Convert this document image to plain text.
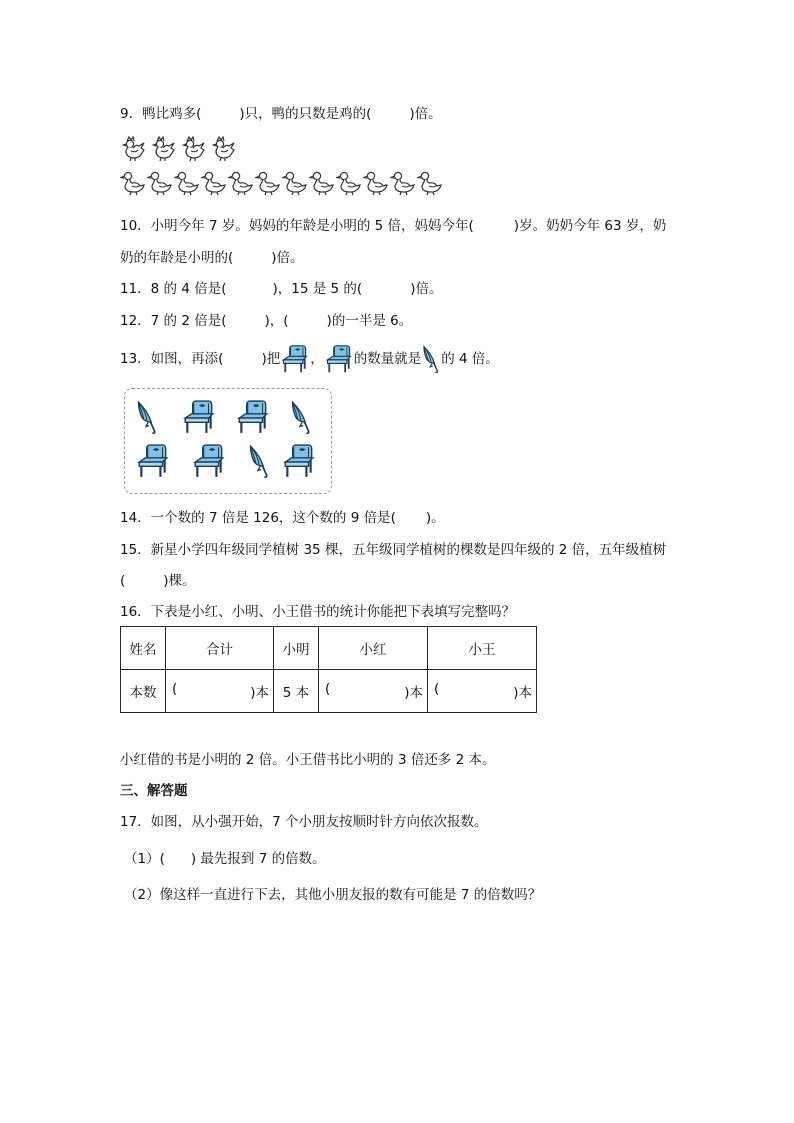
9．鸭比鸡多(	)只，鸭的只数是鸡的(	)倍。
10．小明今年 7 岁。妈妈的年龄是小明的 5 倍，妈妈今年(	)岁。奶奶今年 63 岁，奶
奶的年龄是小明的(	)倍。
11．8 的 4 倍是(	)，15 是 5 的(	)倍。
12．7 的 2 倍是(	)，(	)的一半是 6。
13．如图，再添(	)把 ， 的数量就是 的 4 倍。
14．一个数的 7 倍是 126，这个数的 9 倍是( )。
15．新星小学四年级同学植树 35 棵，五年级同学植树的棵数是四年级的 2 倍，五年级植树
(	)棵。
16．下表是小红、小明、小王借书的统计你能把下表填写完整吗？
姓名	合计	小明	小红	小王
本数	( )本	5 本	( )本	( )本
小红借的书是小明的 2 倍。小王借书比小明的 3 倍还多 2 本。
三、解答题
17．如图，从小强开始，7 个小朋友按顺时针方向依次报数。
（1）( ) 最先报到 7 的倍数。
（2）像这样一直进行下去，其他小朋友报的数有可能是 7 的倍数吗？
